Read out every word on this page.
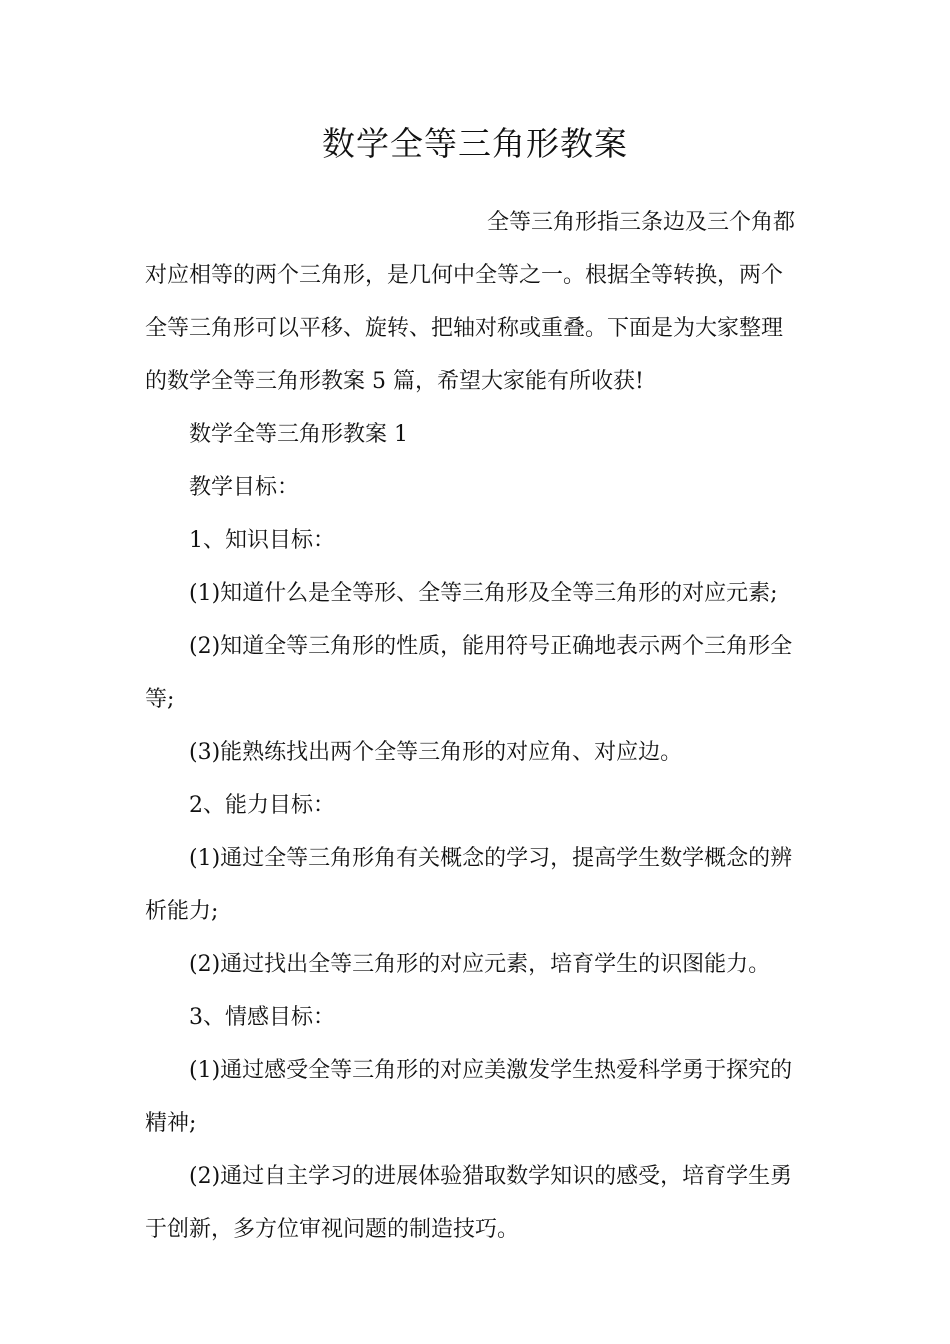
数学全等三角形教案

全等三角形指三条边及三个角都
对应相等的两个三角形，是几何中全等之一。根据全等转换，两个
全等三角形可以平移、旋转、把轴对称或重叠。下面是为大家整理
的数学全等三角形教案 5 篇，希望大家能有所收获!

数学全等三角形教案 1

教学目标：

1、知识目标：

(1)知道什么是全等形、全等三角形及全等三角形的对应元素;

(2)知道全等三角形的性质，能用符号正确地表示两个三角形全
等;

(3)能熟练找出两个全等三角形的对应角、对应边。

2、能力目标：

(1)通过全等三角形角有关概念的学习，提高学生数学概念的辨
析能力;

(2)通过找出全等三角形的对应元素，培育学生的识图能力。

3、情感目标：

(1)通过感受全等三角形的对应美激发学生热爱科学勇于探究的
精神;

(2)通过自主学习的进展体验猎取数学知识的感受，培育学生勇
于创新，多方位审视问题的制造技巧。
